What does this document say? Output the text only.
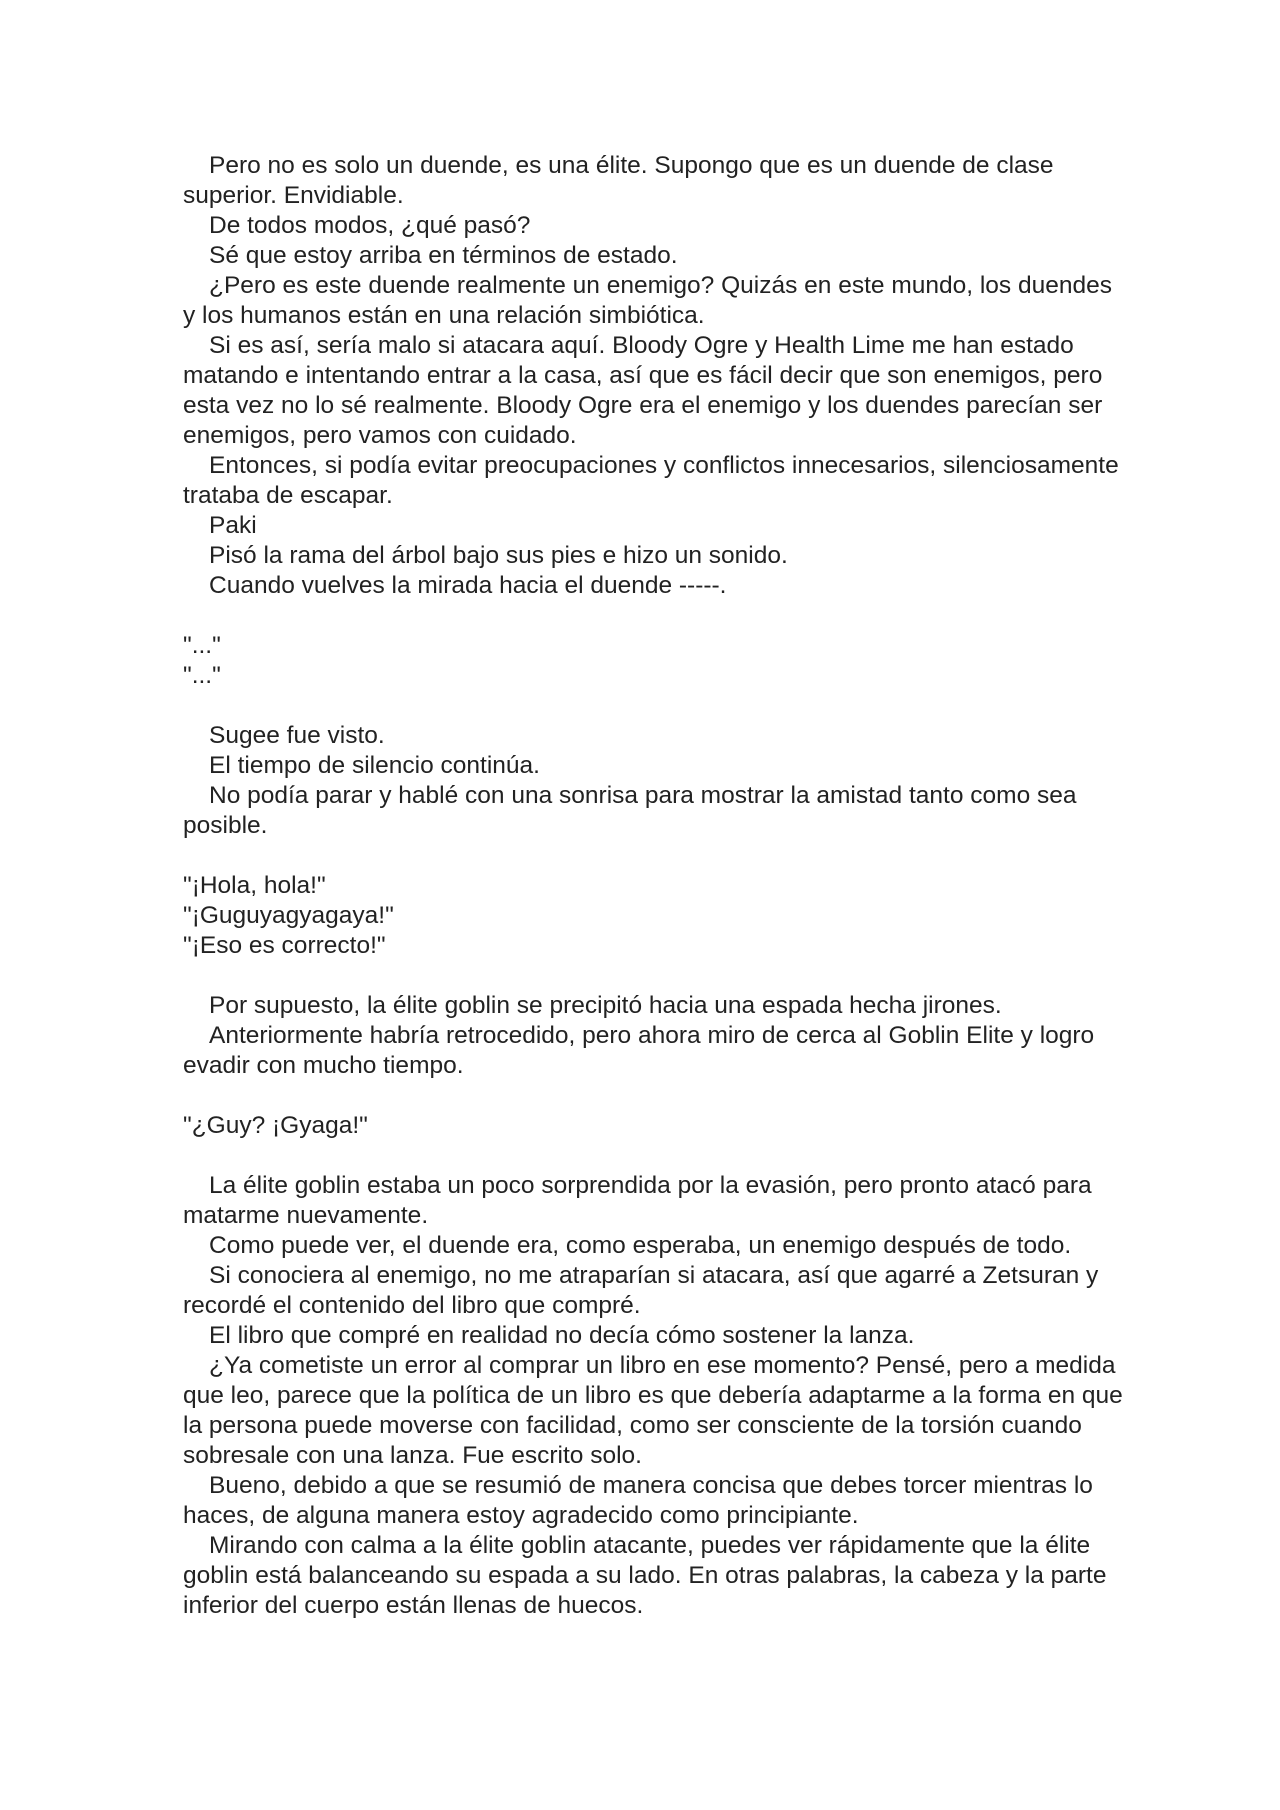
Pero no es solo un duende, es una élite. Supongo que es un duende de clase superior. Envidiable.

De todos modos, ¿qué pasó?

Sé que estoy arriba en términos de estado.

¿Pero es este duende realmente un enemigo? Quizás en este mundo, los duendes y los humanos están en una relación simbiótica.

Si es así, sería malo si atacara aquí. Bloody Ogre y Health Lime me han estado matando e intentando entrar a la casa, así que es fácil decir que son enemigos, pero esta vez no lo sé realmente. Bloody Ogre era el enemigo y los duendes parecían ser enemigos, pero vamos con cuidado.

Entonces, si podía evitar preocupaciones y conflictos innecesarios, silenciosamente trataba de escapar.

Paki

Pisó la rama del árbol bajo sus pies e hizo un sonido.

Cuando vuelves la mirada hacia el duende -----.

"..."

"..."

Sugee fue visto.

El tiempo de silencio continúa.

No podía parar y hablé con una sonrisa para mostrar la amistad tanto como sea posible.

"¡Hola, hola!"

"¡Guguyagyagaya!"

"¡Eso es correcto!"

Por supuesto, la élite goblin se precipitó hacia una espada hecha jirones.

Anteriormente habría retrocedido, pero ahora miro de cerca al Goblin Elite y logro evadir con mucho tiempo.

"¿Guy? ¡Gyaga!"

La élite goblin estaba un poco sorprendida por la evasión, pero pronto atacó para matarme nuevamente.

Como puede ver, el duende era, como esperaba, un enemigo después de todo.

Si conociera al enemigo, no me atraparían si atacara, así que agarré a Zetsuran y recordé el contenido del libro que compré.

El libro que compré en realidad no decía cómo sostener la lanza.

¿Ya cometiste un error al comprar un libro en ese momento? Pensé, pero a medida que leo, parece que la política de un libro es que debería adaptarme a la forma en que la persona puede moverse con facilidad, como ser consciente de la torsión cuando sobresale con una lanza. Fue escrito solo.

Bueno, debido a que se resumió de manera concisa que debes torcer mientras lo haces, de alguna manera estoy agradecido como principiante.

Mirando con calma a la élite goblin atacante, puedes ver rápidamente que la élite goblin está balanceando su espada a su lado. En otras palabras, la cabeza y la parte inferior del cuerpo están llenas de huecos.
